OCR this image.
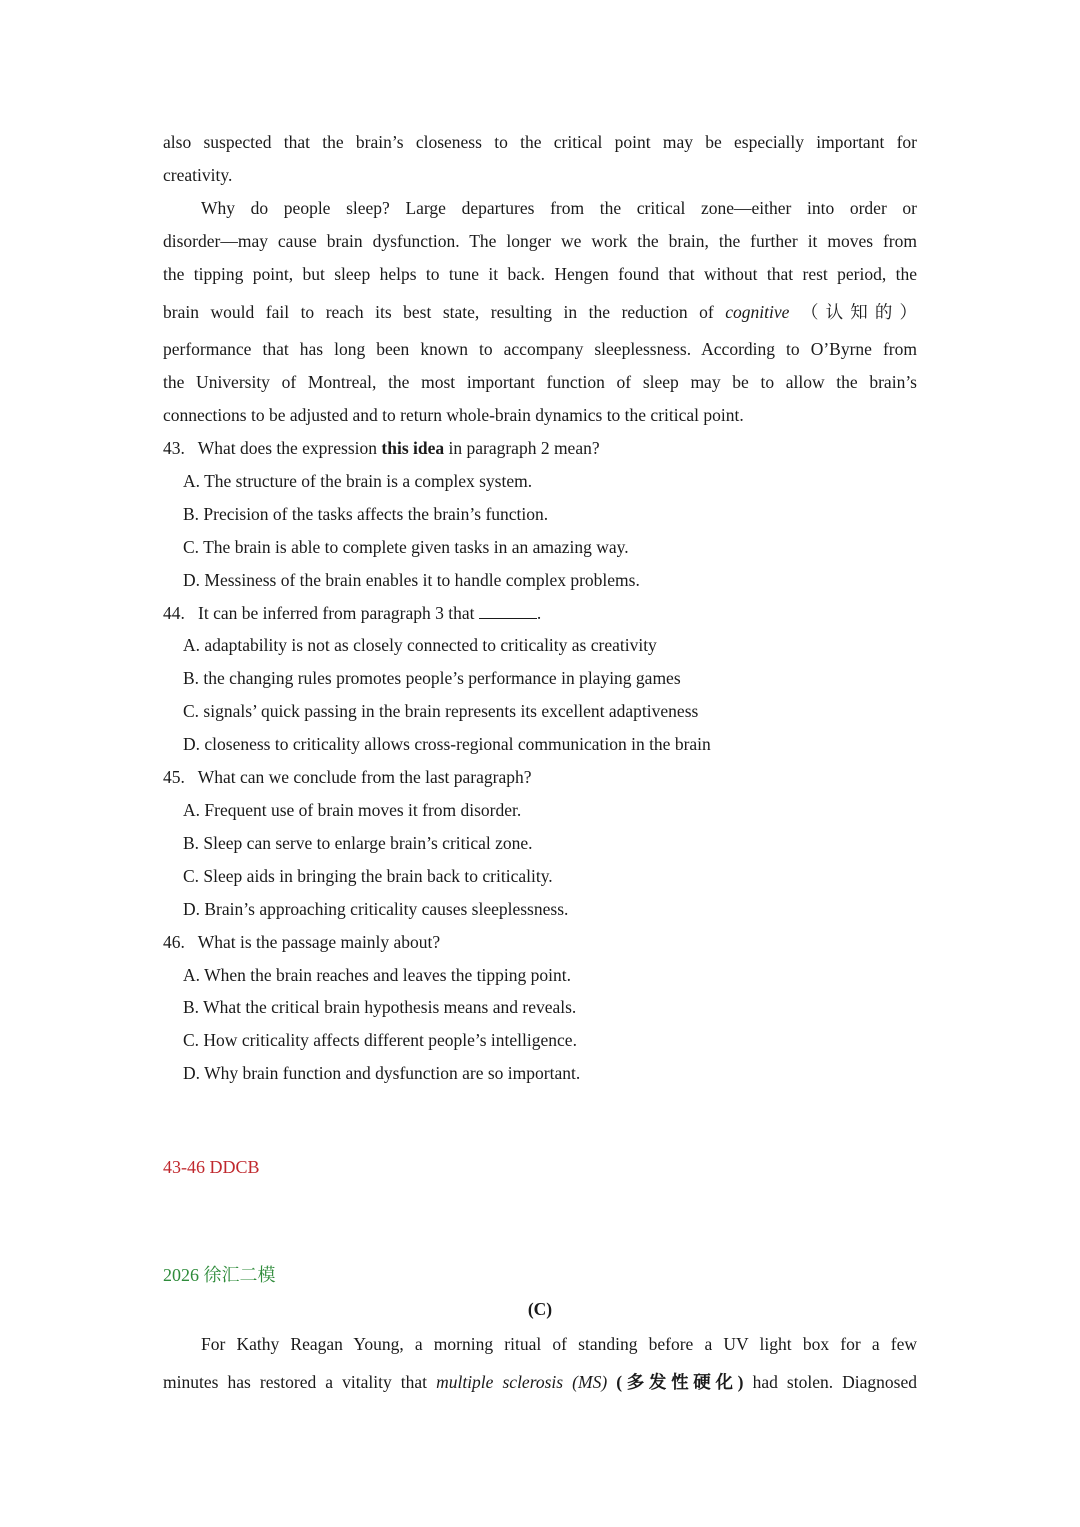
also suspected that the brain’s closeness to the critical point may be especially important for
creativity.
Why do people sleep? Large departures from the critical zone—either into order or
disorder—may cause brain dysfunction. The longer we work the brain, the further it moves from
the tipping point, but sleep helps to tune it back. Hengen found that without that rest period, the
brain would fail to reach its best state, resulting in the reduction of cognitive （认知的）
performance that has long been known to accompany sleeplessness. According to O’Byrne from
the University of Montreal, the most important function of sleep may be to allow the brain’s
connections to be adjusted and to return whole-brain dynamics to the critical point.
43. What does the expression this idea in paragraph 2 mean?
A. The structure of the brain is a complex system.
B. Precision of the tasks affects the brain’s function.
C. The brain is able to complete given tasks in an amazing way.
D. Messiness of the brain enables it to handle complex problems.
44. It can be inferred from paragraph 3 that	.
A. adaptability is not as closely connected to criticality as creativity
B. the changing rules promotes people’s performance in playing games
C. signals’ quick passing in the brain represents its excellent adaptiveness
D. closeness to criticality allows cross-regional communication in the brain
45. What can we conclude from the last paragraph?
A. Frequent use of brain moves it from disorder.
B. Sleep can serve to enlarge brain’s critical zone.
C. Sleep aids in bringing the brain back to criticality.
D. Brain’s approaching criticality causes sleeplessness.
46. What is the passage mainly about?
A. When the brain reaches and leaves the tipping point.
B. What the critical brain hypothesis means and reveals.
C. How criticality affects different people’s intelligence.
D. Why brain function and dysfunction are so important.
43-46 DDCB
2026 徐汇二模
(C)
For Kathy Reagan Young, a morning ritual of standing before a UV light box for a few
minutes has restored a vitality that multiple sclerosis (MS) (多发性硬化) had stolen. Diagnosed
